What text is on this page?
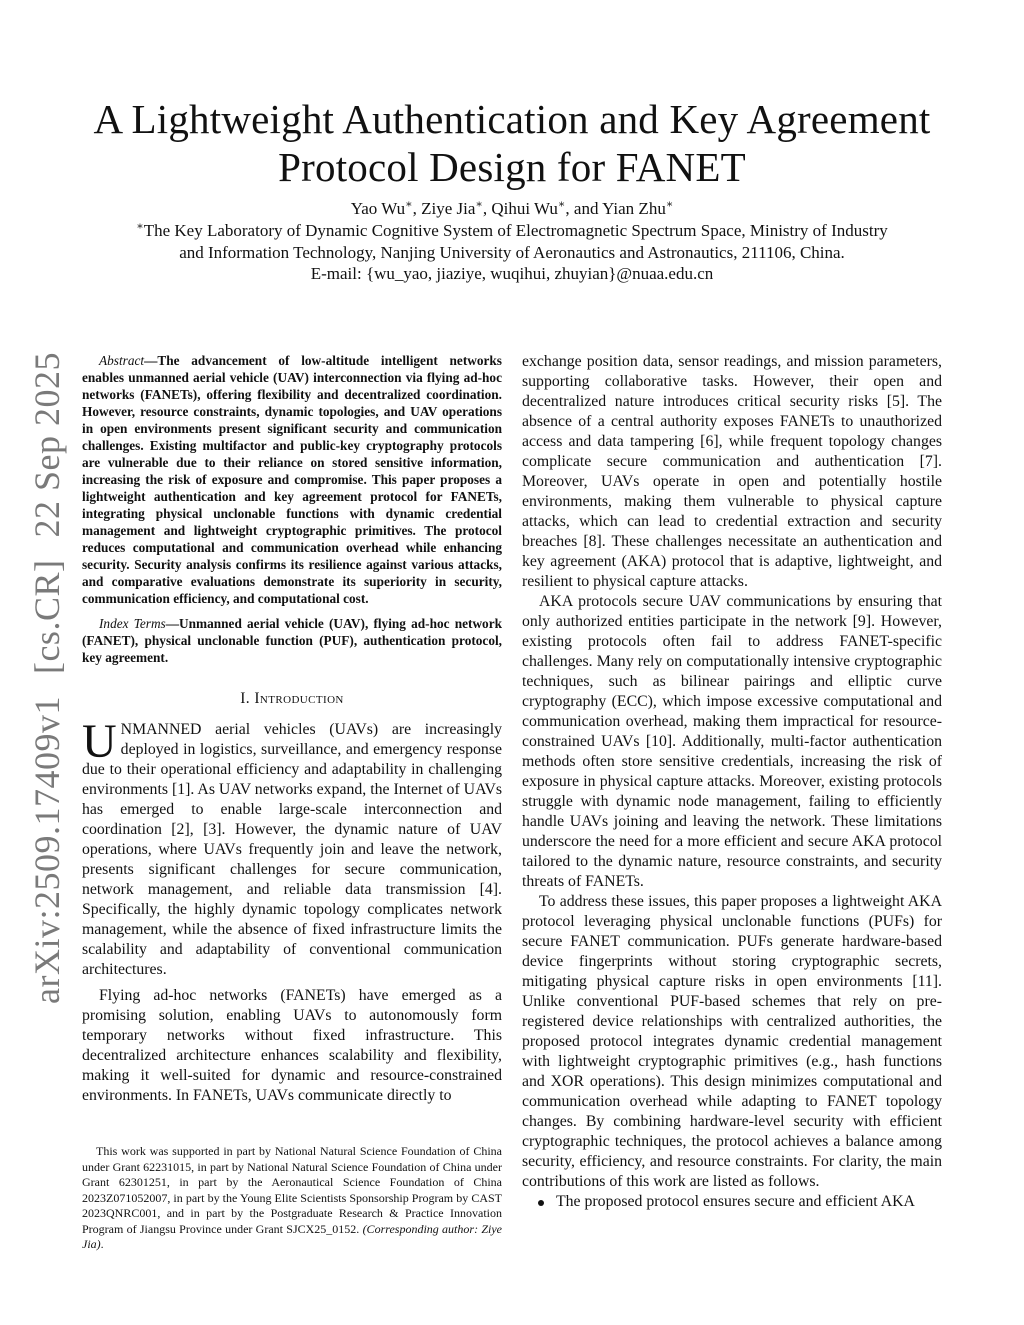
A Lightweight Authentication and Key Agreement
Protocol Design for FANET
Yao Wu∗, Ziye Jia∗, Qihui Wu∗, and Yian Zhu∗
∗The Key Laboratory of Dynamic Cognitive System of Electromagnetic Spectrum Space, Ministry of Industry
and Information Technology, Nanjing University of Aeronautics and Astronautics, 211106, China.
E-mail: {wu_yao, jiaziye, wuqihui, zhuyian}@nuaa.edu.cn
arXiv:2509.17409v1[cs.CR]22 Sep 2025	Abstract—The advancement of low-altitude intelligent networks enables unmanned aerial vehicle (UAV) interconnection via flying ad-hoc networks (FANETs), offering flexibility and decentralized coordination. However, resource constraints, dynamic topologies, and UAV operations in open environments present significant security and communication challenges. Existing multifactor and public-key cryptography protocols are vulnerable due to their reliance on stored sensitive information, increasing the risk of exposure and compromise. This paper proposes a lightweight authentication and key agreement protocol for FANETs, integrating physical unclonable functions with dynamic credential management and lightweight cryptographic primitives. The protocol reduces computational and communication overhead while enhancing security. Security analysis confirms its resilience against various attacks, and comparative evaluations demonstrate its superiority in security, communication efficiency, and computational cost.

Index Terms—Unmanned aerial vehicle (UAV), flying ad-hoc network (FANET), physical unclonable function (PUF), authentication protocol, key agreement.

I. Introduction

UNMANNED aerial vehicles (UAVs) are increasingly deployed in logistics, surveillance, and emergency response due to their operational efficiency and adaptability in challenging environments [1]. As UAV networks expand, the Internet of UAVs has emerged to enable large-scale interconnection and coordination [2], [3]. However, the dynamic nature of UAV operations, where UAVs frequently join and leave the network, presents significant challenges for secure communication, network management, and reliable data transmission [4]. Specifically, the highly dynamic topology complicates network management, while the absence of fixed infrastructure limits the scalability and adaptability of conventional communication architectures.

Flying ad-hoc networks (FANETs) have emerged as a promising solution, enabling UAVs to autonomously form temporary networks without fixed infrastructure. This decentralized architecture enhances scalability and flexibility, making it well-suited for dynamic and resource-constrained environments. In FANETs, UAVs communicate directly to

This work was supported in part by National Natural Science Foundation of China under Grant 62231015, in part by National Natural Science Foundation of China under Grant 62301251, in part by the Aeronautical Science Foundation of China 2023Z071052007, in part by the Young Elite Scientists Sponsorship Program by CAST 2023QNRC001, and in part by the Postgraduate Research & Practice Innovation Program of Jiangsu Province under Grant SJCX25_0152. (Corresponding author: Ziye Jia).

exchange position data, sensor readings, and mission parameters, supporting collaborative tasks. However, their open and decentralized nature introduces critical security risks [5]. The absence of a central authority exposes FANETs to unauthorized access and data tampering [6], while frequent topology changes complicate secure communication and authentication [7]. Moreover, UAVs operate in open and potentially hostile environments, making them vulnerable to physical capture attacks, which can lead to credential extraction and security breaches [8]. These challenges necessitate an authentication and key agreement (AKA) protocol that is adaptive, lightweight, and resilient to physical capture attacks.

AKA protocols secure UAV communications by ensuring that only authorized entities participate in the network [9]. However, existing protocols often fail to address FANET-specific challenges. Many rely on computationally intensive cryptographic techniques, such as bilinear pairings and elliptic curve cryptography (ECC), which impose excessive computational and communication overhead, making them impractical for resource-constrained UAVs [10]. Additionally, multi-factor authentication methods often store sensitive credentials, increasing the risk of exposure in physical capture attacks. Moreover, existing protocols struggle with dynamic node management, failing to efficiently handle UAVs joining and leaving the network. These limitations underscore the need for a more efficient and secure AKA protocol tailored to the dynamic nature, resource constraints, and security threats of FANETs.

To address these issues, this paper proposes a lightweight AKA protocol leveraging physical unclonable functions (PUFs) for secure FANET communication. PUFs generate hardware-based device fingerprints without storing cryptographic secrets, mitigating physical capture risks in open environments [11]. Unlike conventional PUF-based schemes that rely on pre-registered device relationships with centralized authorities, the proposed protocol integrates dynamic credential management with lightweight cryptographic primitives (e.g., hash functions and XOR operations). This design minimizes computational and communication overhead while adapting to FANET topology changes. By combining hardware-level security with efficient cryptographic techniques, the protocol achieves a balance among security, efficiency, and resource constraints. For clarity, the main contributions of this work are listed as follows.

The proposed protocol ensures secure and efficient AKA
